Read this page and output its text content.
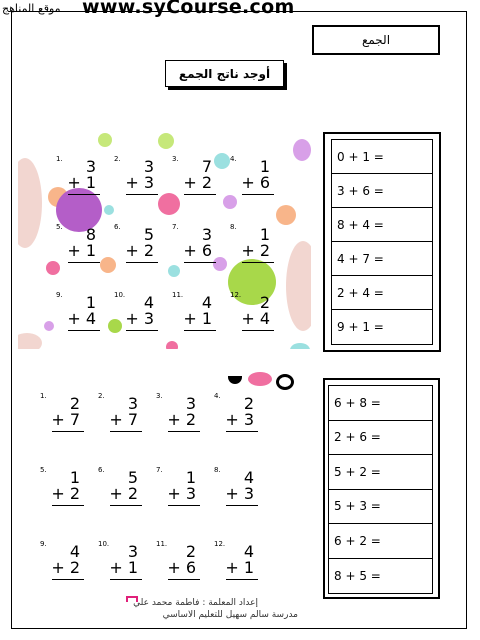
موقع المناهج www.syCourse.com
الجمع
أوجد ناتج الجمع
1. 3
+ 1
2. 3
+ 3
3. 7
+ 2
4. 1
+ 6
5. 8
+ 1
6. 5
+ 2
7. 3
+ 6
8. 1
+ 2
9. 1
+ 4
10. 4
+ 3
11. 4
+ 1
12. 2
+ 4
0 + 1 =
3 + 6 =
8 + 4 =
4 + 7 =
2 + 4 =
9 + 1 =
1. 2
+ 7
2. 3
+ 7
3. 3
+ 2
4. 2
+ 3
5. 1
+ 2
6. 5
+ 2
7. 1
+ 3
8. 4
+ 3
9. 4
+ 2
10. 3
+ 1
11. 2
+ 6
12. 4
+ 1
6 + 8 =
2 + 6 =
5 + 2 =
5 + 3 =
6 + 2 =
8 + 5 =
إعداد المعلمة : فاطمة محمد علي
مدرسة سالم سهيل للتعليم الاساسي
